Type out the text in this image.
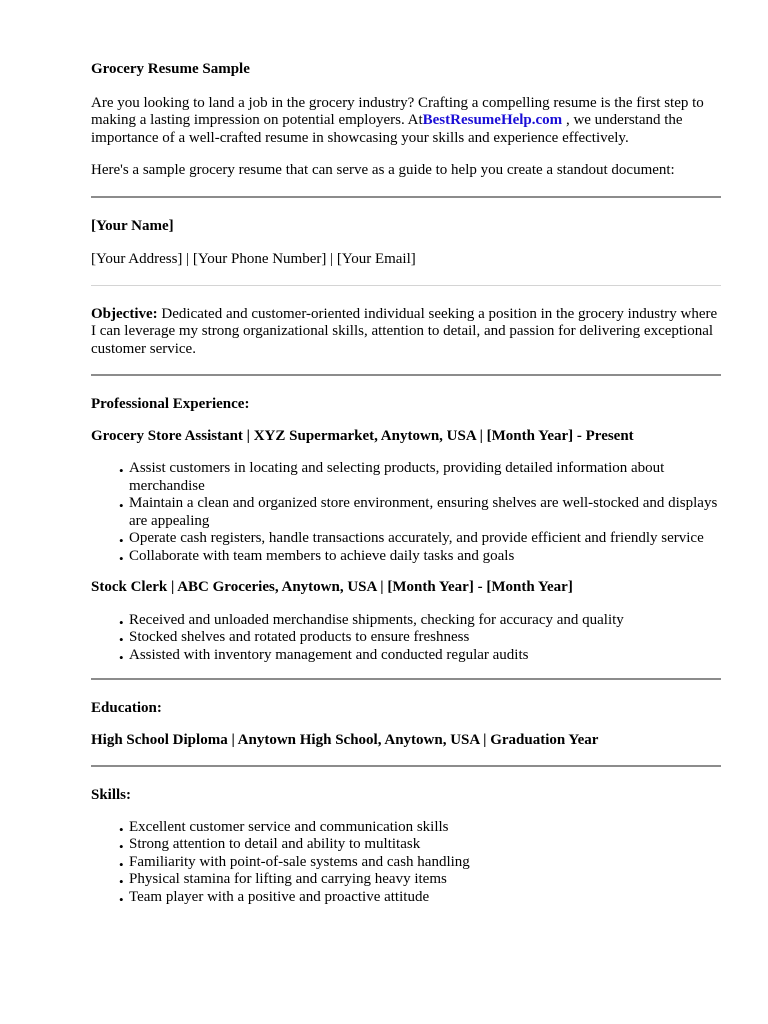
Grocery Resume Sample

Are you looking to land a job in the grocery industry? Crafting a compelling resume is the first step to making a lasting impression on potential employers. AtBestResumeHelp.com , we understand the importance of a well-crafted resume in showcasing your skills and experience effectively.

Here's a sample grocery resume that can serve as a guide to help you create a standout document:

[Your Name]

[Your Address] | [Your Phone Number] | [Your Email]

Objective: Dedicated and customer-oriented individual seeking a position in the grocery industry where I can leverage my strong organizational skills, attention to detail, and passion for delivering exceptional customer service.

Professional Experience:

Grocery Store Assistant | XYZ Supermarket, Anytown, USA | [Month Year] - Present

• Assist customers in locating and selecting products, providing detailed information about merchandise
• Maintain a clean and organized store environment, ensuring shelves are well-stocked and displays are appealing
• Operate cash registers, handle transactions accurately, and provide efficient and friendly service
• Collaborate with team members to achieve daily tasks and goals

Stock Clerk | ABC Groceries, Anytown, USA | [Month Year] - [Month Year]

• Received and unloaded merchandise shipments, checking for accuracy and quality
• Stocked shelves and rotated products to ensure freshness
• Assisted with inventory management and conducted regular audits

Education:

High School Diploma | Anytown High School, Anytown, USA | Graduation Year

Skills:

• Excellent customer service and communication skills
• Strong attention to detail and ability to multitask
• Familiarity with point-of-sale systems and cash handling
• Physical stamina for lifting and carrying heavy items
• Team player with a positive and proactive attitude
